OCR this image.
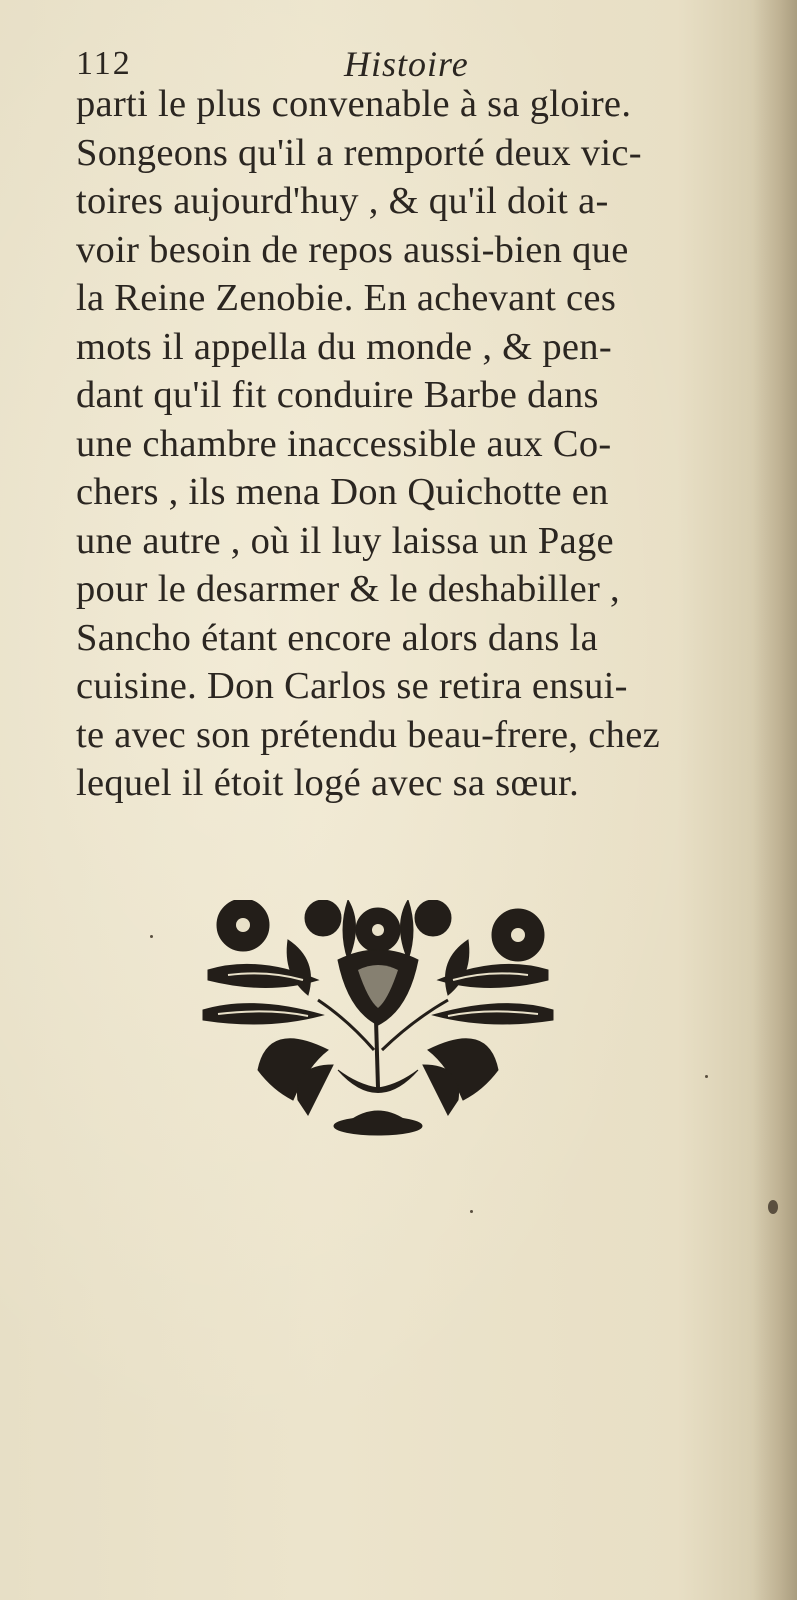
112	Histoire
parti le plus convenable à sa gloire.
Songeons qu'il a remporté deux vic-
toires aujourd'huy , & qu'il doit a-
voir besoin de repos aussi-bien que
la Reine Zenobie. En achevant ces
mots il appella du monde , & pen-
dant qu'il fit conduire Barbe dans
une chambre inaccessible aux Co-
chers , ils mena Don Quichotte en
une autre , où il luy laissa un Page
pour le desarmer & le deshabiller ,
Sancho étant encore alors dans la
cuisine. Don Carlos se retira ensui-
te avec son prétendu beau-frere, chez
lequel il étoit logé avec sa sœur.
